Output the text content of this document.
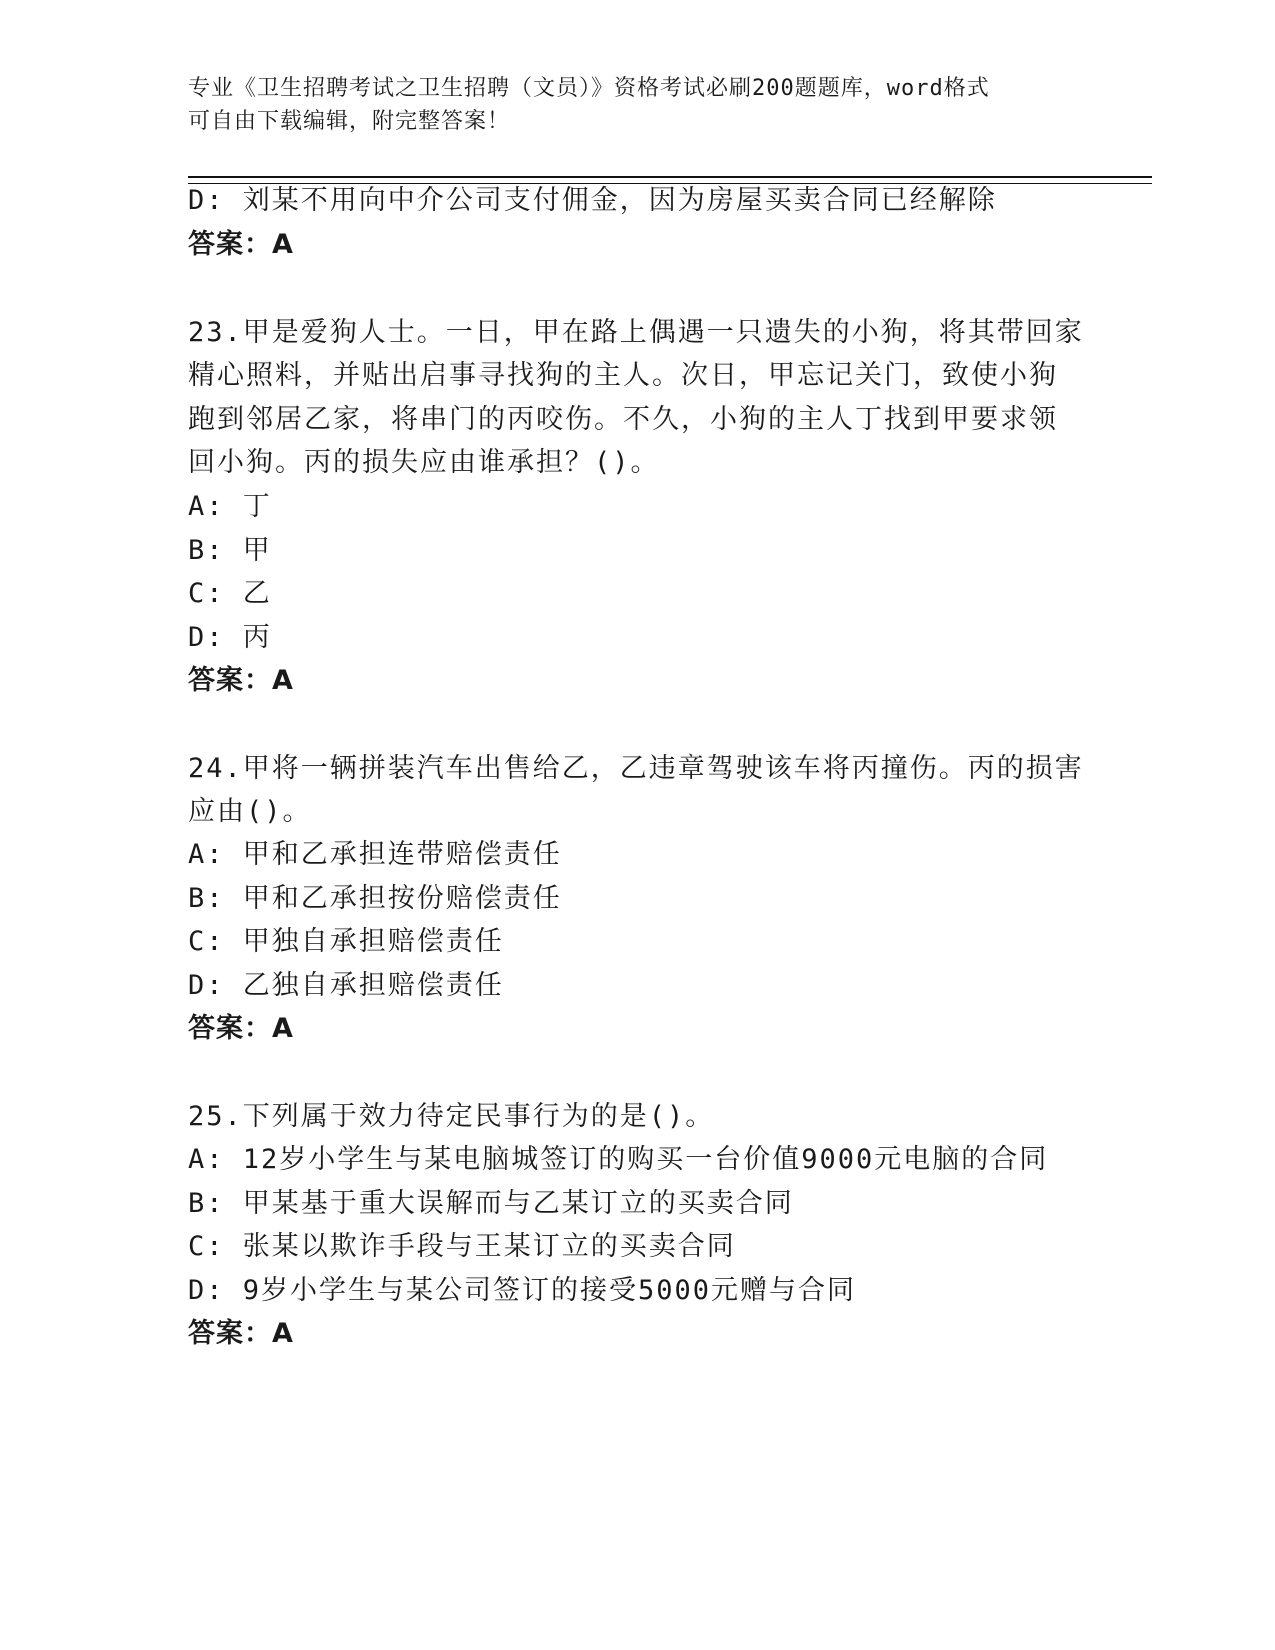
专业《卫生招聘考试之卫生招聘（文员）》资格考试必刷200题题库，word格式
可自由下载编辑，附完整答案！
D: 刘某不用向中介公司支付佣金，因为房屋买卖合同已经解除
答案：A
23.甲是爱狗人士。一日，甲在路上偶遇一只遗失的小狗，将其带回家
精心照料，并贴出启事寻找狗的主人。次日，甲忘记关门，致使小狗
跑到邻居乙家，将串门的丙咬伤。不久，小狗的主人丁找到甲要求领
回小狗。丙的损失应由谁承担？()。
A: 丁
B: 甲
C: 乙
D: 丙
答案：A
24.甲将一辆拼装汽车出售给乙，乙违章驾驶该车将丙撞伤。丙的损害
应由()。
A: 甲和乙承担连带赔偿责任
B: 甲和乙承担按份赔偿责任
C: 甲独自承担赔偿责任
D: 乙独自承担赔偿责任
答案：A
25.下列属于效力待定民事行为的是()。
A: 12岁小学生与某电脑城签订的购买一台价值9000元电脑的合同
B: 甲某基于重大误解而与乙某订立的买卖合同
C: 张某以欺诈手段与王某订立的买卖合同
D: 9岁小学生与某公司签订的接受5000元赠与合同
答案：A
